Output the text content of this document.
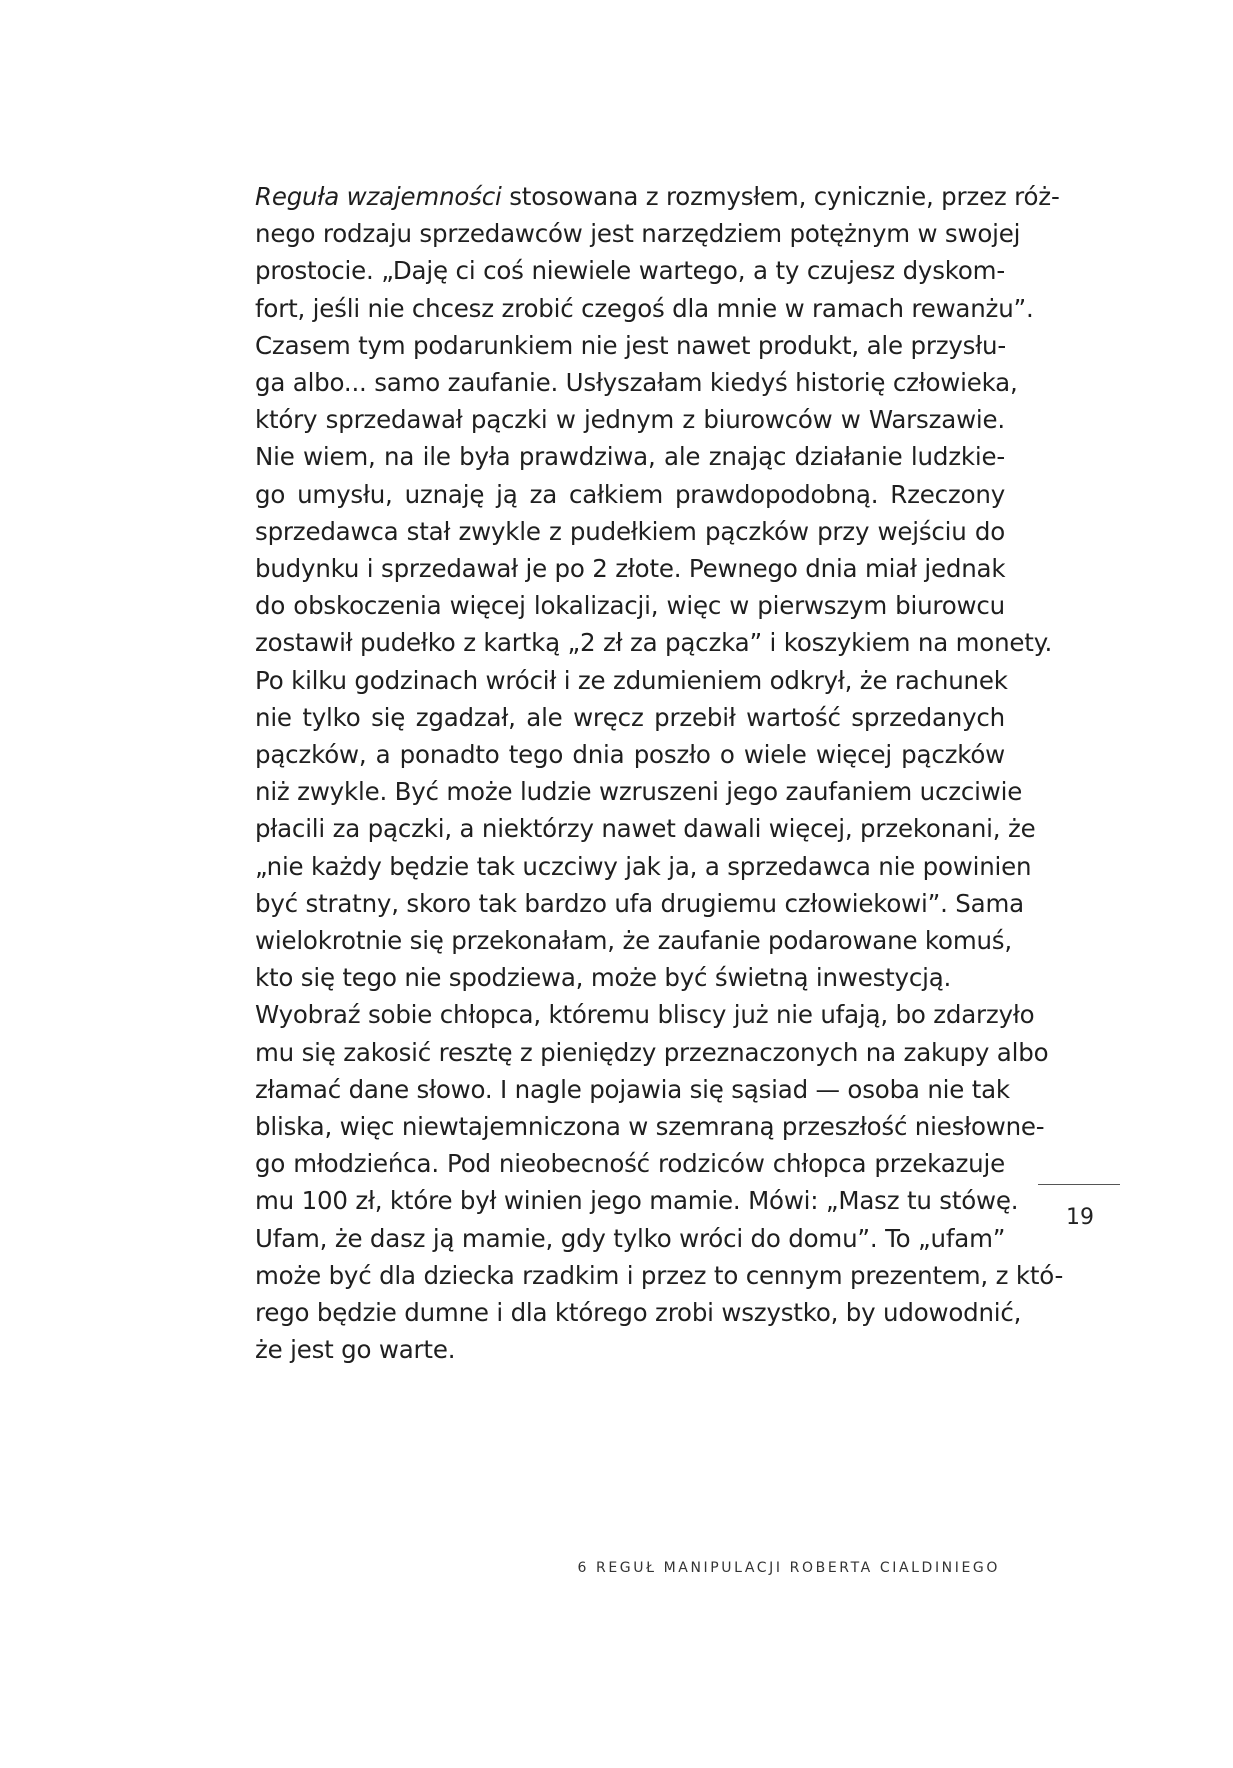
Reguła wzajemności stosowana z rozmysłem, cynicznie, przez róż-
nego rodzaju sprzedawców jest narzędziem potężnym w swojej
prostocie. „Daję ci coś niewiele wartego, a ty czujesz dyskom-
fort, jeśli nie chcesz zrobić czegoś dla mnie w ramach rewanżu”.
Czasem tym podarunkiem nie jest nawet produkt, ale przysłu-
ga albo... samo zaufanie. Usłyszałam kiedyś historię człowieka,
który sprzedawał pączki w jednym z biurowców w Warszawie.
Nie wiem, na ile była prawdziwa, ale znając działanie ludzkie-
go umysłu, uznaję ją za całkiem prawdopodobną. Rzeczony
sprzedawca stał zwykle z pudełkiem pączków przy wejściu do
budynku i sprzedawał je po 2 złote. Pewnego dnia miał jednak
do obskoczenia więcej lokalizacji, więc w pierwszym biurowcu
zostawił pudełko z kartką „2 zł za pączka” i koszykiem na monety.
Po kilku godzinach wrócił i ze zdumieniem odkrył, że rachunek
nie tylko się zgadzał, ale wręcz przebił wartość sprzedanych
pączków, a ponadto tego dnia poszło o wiele więcej pączków
niż zwykle. Być może ludzie wzruszeni jego zaufaniem uczciwie
płacili za pączki, a niektórzy nawet dawali więcej, przekonani, że
„nie każdy będzie tak uczciwy jak ja, a sprzedawca nie powinien
być stratny, skoro tak bardzo ufa drugiemu człowiekowi”. Sama
wielokrotnie się przekonałam, że zaufanie podarowane komuś,
kto się tego nie spodziewa, może być świetną inwestycją.

Wyobraź sobie chłopca, któremu bliscy już nie ufają, bo zdarzyło
mu się zakosić resztę z pieniędzy przeznaczonych na zakupy albo
złamać dane słowo. I nagle pojawia się sąsiad — osoba nie tak
bliska, więc niewtajemniczona w szemraną przeszłość niesłowne-
go młodzieńca. Pod nieobecność rodziców chłopca przekazuje
mu 100 zł, które był winien jego mamie. Mówi: „Masz tu stówę.
Ufam, że dasz ją mamie, gdy tylko wróci do domu”. To „ufam”
może być dla dziecka rzadkim i przez to cennym prezentem, z któ-
rego będzie dumne i dla którego zrobi wszystko, by udowodnić,
że jest go warte.

19
6 REGUŁ MANIPULACJI ROBERTA CIALDINIEGO
